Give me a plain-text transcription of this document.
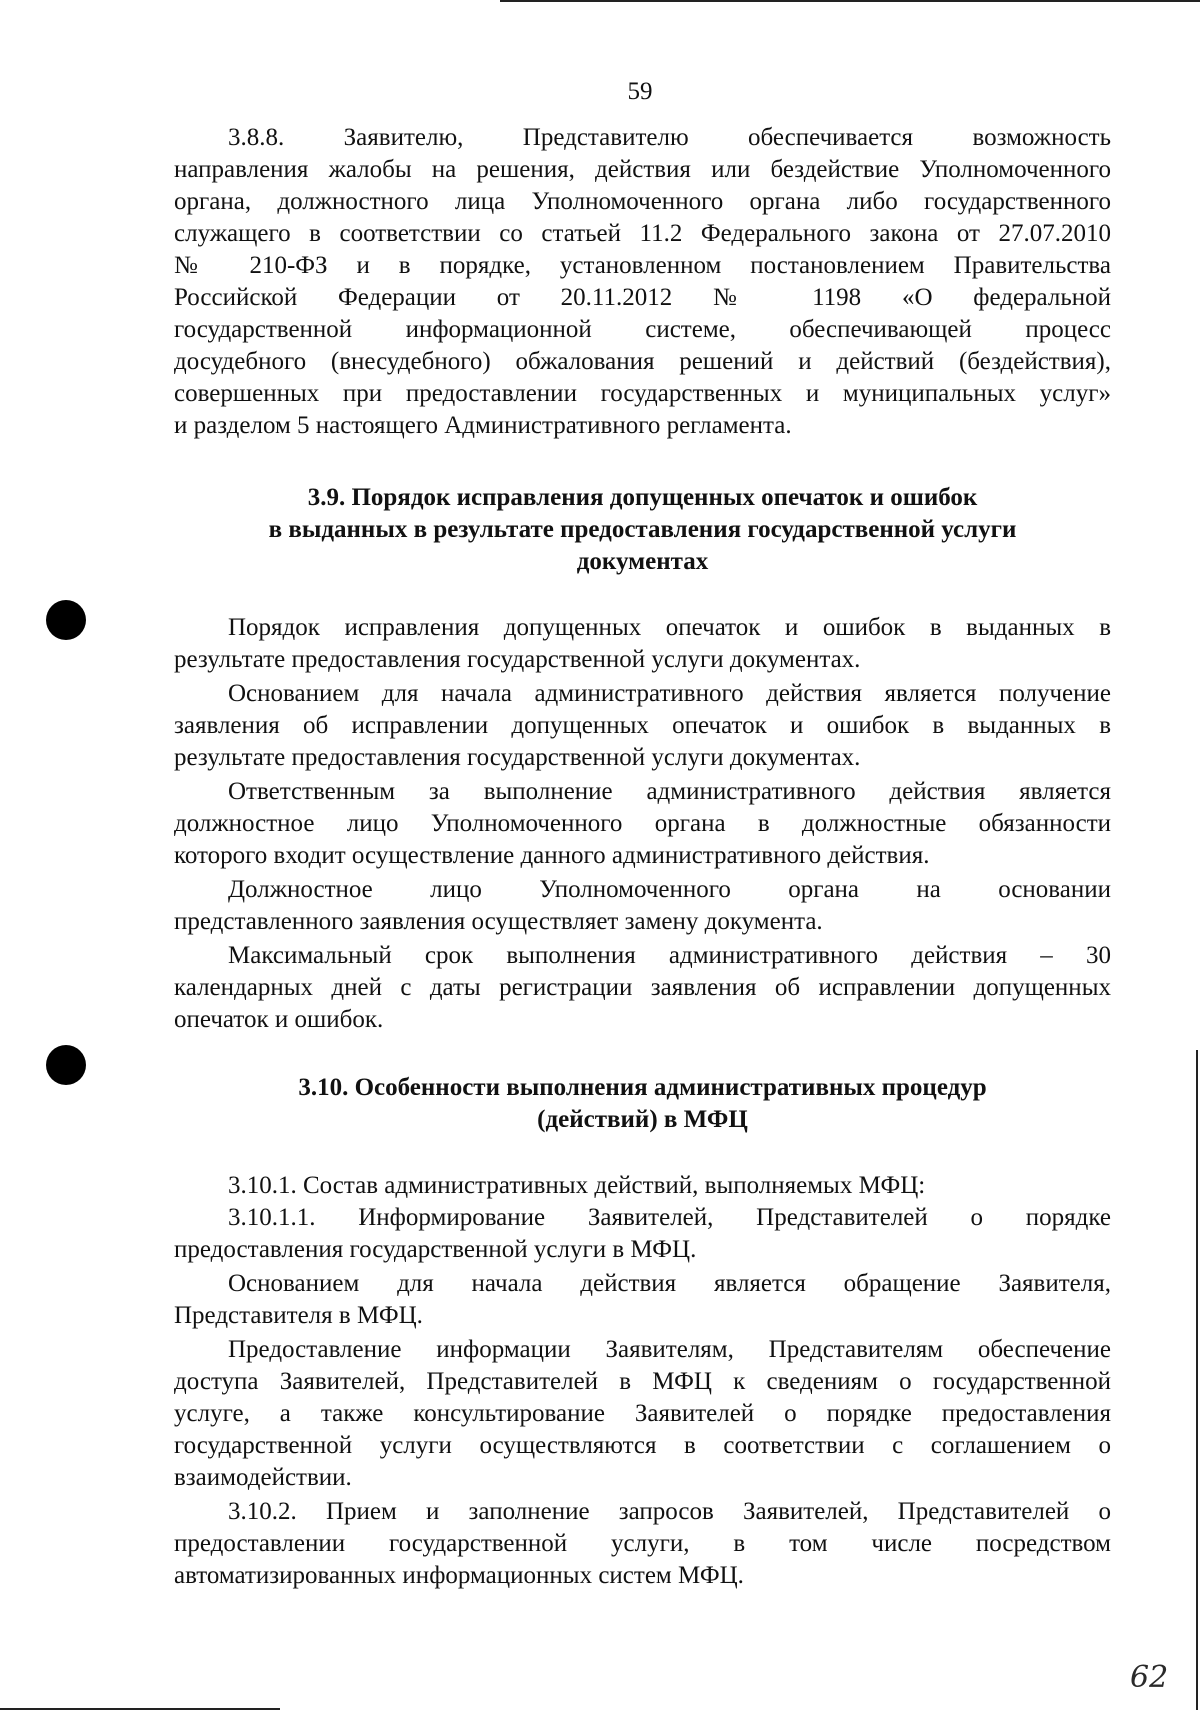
59
3.8.8. Заявителю, Представителю обеспечивается возможность
направления жалобы на решения, действия или бездействие Уполномоченного
органа, должностного лица Уполномоченного органа либо государственного
служащего в соответствии со статьей 11.2 Федерального закона от 27.07.2010
№ 210-ФЗ и в порядке, установленном постановлением Правительства
Российской Федерации от 20.11.2012 № 1198 «О федеральной
государственной информационной системе, обеспечивающей процесс
досудебного (внесудебного) обжалования решений и действий (бездействия),
совершенных при предоставлении государственных и муниципальных услуг»
и разделом 5 настоящего Административного регламента.
3.9. Порядок исправления допущенных опечаток и ошибок
в выданных в результате предоставления государственной услуги
документах
Порядок исправления допущенных опечаток и ошибок в выданных в
результате предоставления государственной услуги документах.
Основанием для начала административного действия является получение
заявления об исправлении допущенных опечаток и ошибок в выданных в
результате предоставления государственной услуги документах.
Ответственным за выполнение административного действия является
должностное лицо Уполномоченного органа в должностные обязанности
которого входит осуществление данного административного действия.
Должностное лицо Уполномоченного органа на основании
представленного заявления осуществляет замену документа.
Максимальный срок выполнения административного действия – 30
календарных дней с даты регистрации заявления об исправлении допущенных
опечаток и ошибок.
3.10. Особенности выполнения административных процедур
(действий) в МФЦ
3.10.1. Состав административных действий, выполняемых МФЦ:
3.10.1.1. Информирование Заявителей, Представителей о порядке
предоставления государственной услуги в МФЦ.
Основанием для начала действия является обращение Заявителя,
Представителя в МФЦ.
Предоставление информации Заявителям, Представителям обеспечение
доступа Заявителей, Представителей в МФЦ к сведениям о государственной
услуге, а также консультирование Заявителей о порядке предоставления
государственной услуги осуществляются в соответствии с соглашением о
взаимодействии.
3.10.2. Прием и заполнение запросов Заявителей, Представителей о
предоставлении государственной услуги, в том числе посредством
автоматизированных информационных систем МФЦ.
62
